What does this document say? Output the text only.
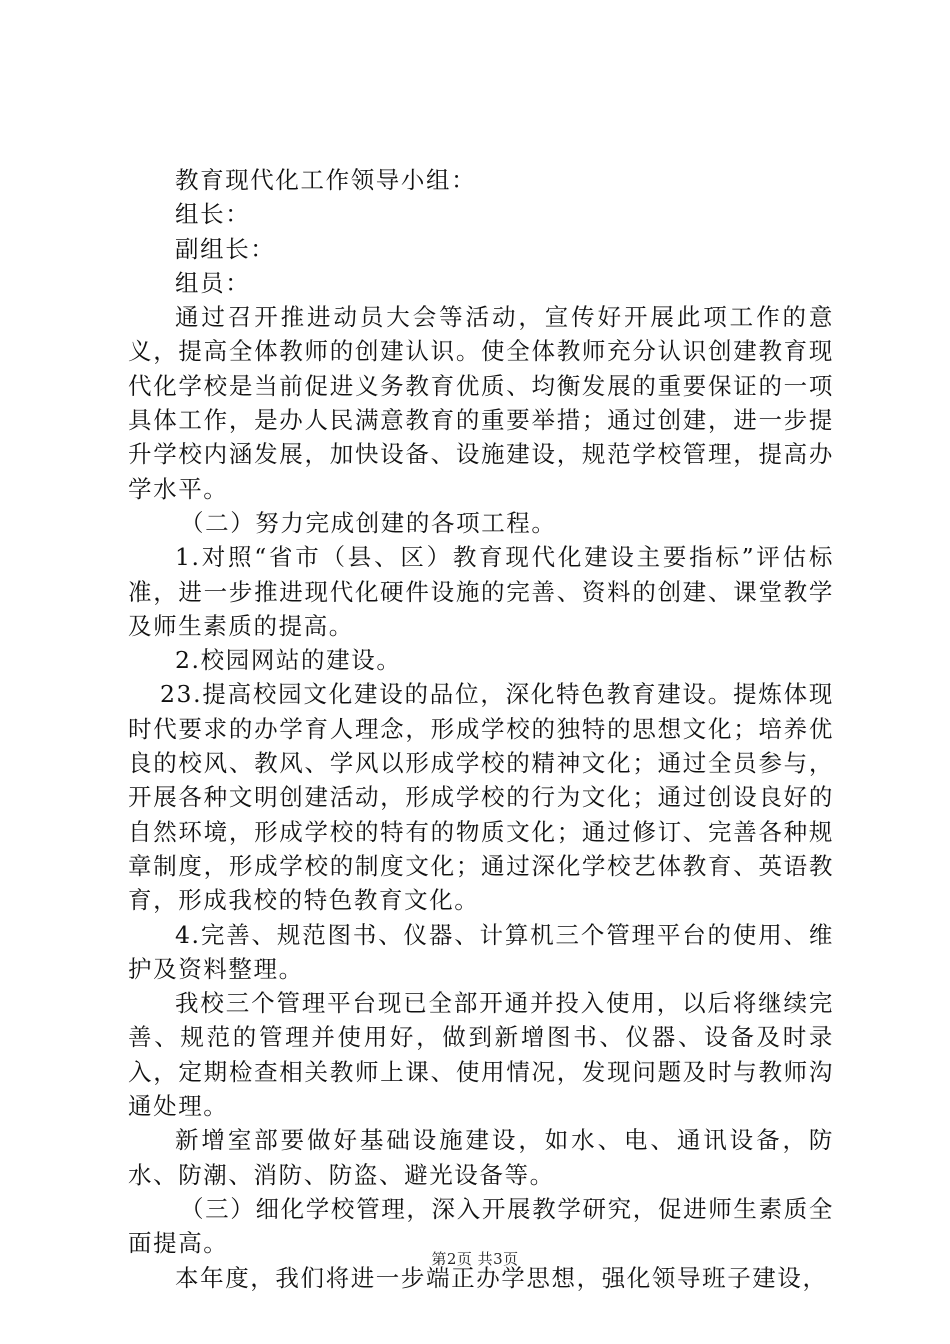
教育现代化工作领导小组：

组长：

副组长：

组员：

通过召开推进动员大会等活动，宣传好开展此项工作的意义，提高全体教师的创建认识。使全体教师充分认识创建教育现代化学校是当前促进义务教育优质、均衡发展的重要保证的一项具体工作，是办人民满意教育的重要举措；通过创建，进一步提升学校内涵发展，加快设备、设施建设，规范学校管理，提高办学水平。

（二）努力完成创建的各项工程。

1.对照“省市（县、区）教育现代化建设主要指标”评估标准，进一步推进现代化硬件设施的完善、资料的创建、课堂教学及师生素质的提高。

2.校园网站的建设。

23.提高校园文化建设的品位，深化特色教育建设。提炼体现时代要求的办学育人理念，形成学校的独特的思想文化；培养优良的校风、教风、学风以形成学校的精神文化；通过全员参与，开展各种文明创建活动，形成学校的行为文化；通过创设良好的自然环境，形成学校的特有的物质文化；通过修订、完善各种规章制度，形成学校的制度文化；通过深化学校艺体教育、英语教育，形成我校的特色教育文化。

4.完善、规范图书、仪器、计算机三个管理平台的使用、维护及资料整理。

我校三个管理平台现已全部开通并投入使用，以后将继续完善、规范的管理并使用好，做到新增图书、仪器、设备及时录入，定期检查相关教师上课、使用情况，发现问题及时与教师沟通处理。

新增室部要做好基础设施建设，如水、电、通讯设备，防水、防潮、消防、防盗、避光设备等。

（三）细化学校管理，深入开展教学研究，促进师生素质全面提高。

本年度，我们将进一步端正办学思想，强化领导班子建设，

第2页 共3页
